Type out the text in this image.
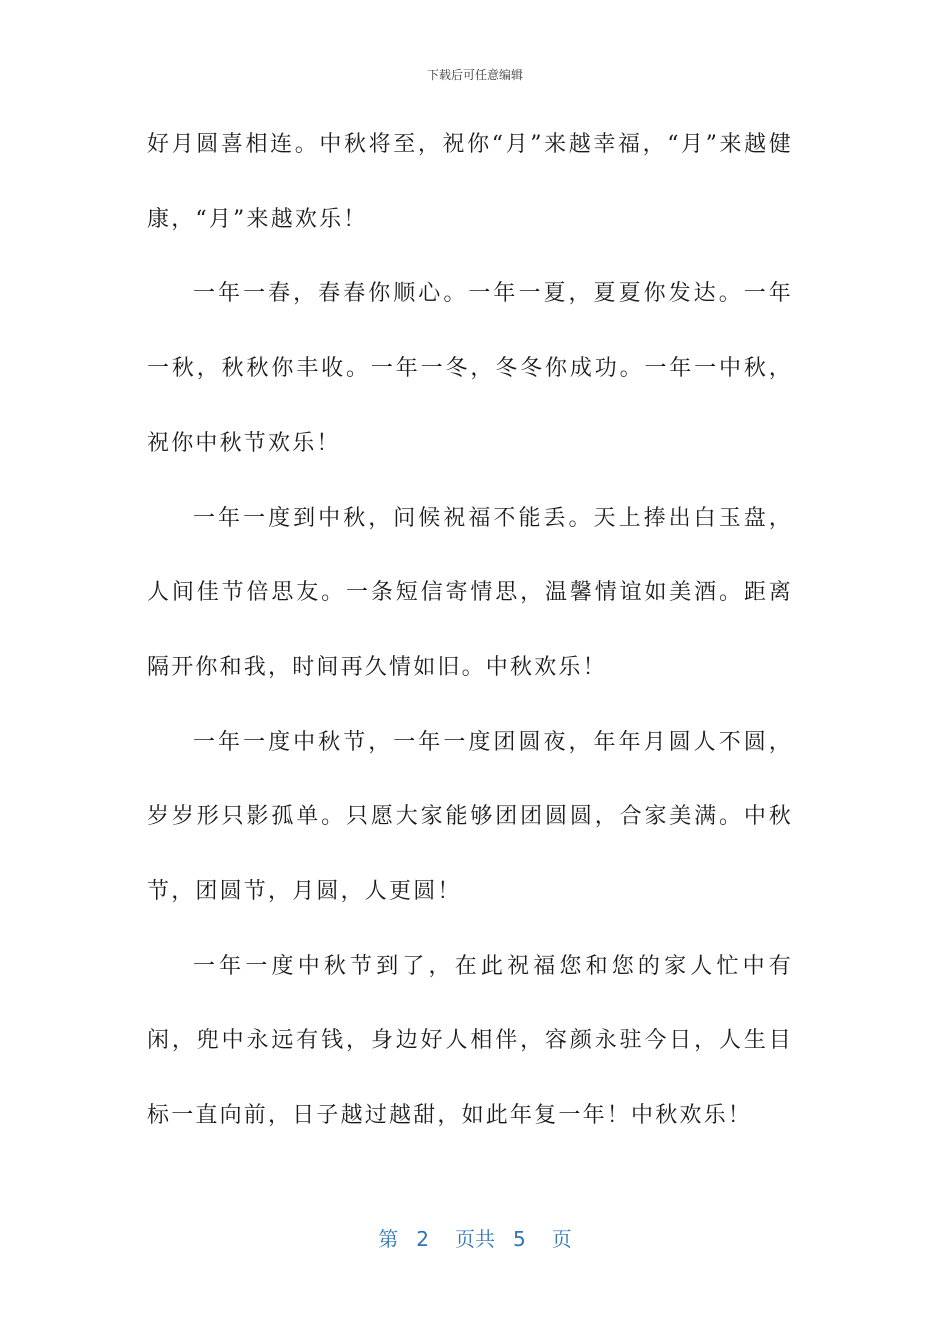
下载后可任意编辑

好月圆喜相连。中秋将至，祝你“月”来越幸福，“月”来越健康，“月”来越欢乐！

一年一春，春春你顺心。一年一夏，夏夏你发达。一年一秋，秋秋你丰收。一年一冬，冬冬你成功。一年一中秋，祝你中秋节欢乐！

一年一度到中秋，问候祝福不能丢。天上捧出白玉盘，人间佳节倍思友。一条短信寄情思，温馨情谊如美酒。距离隔开你和我，时间再久情如旧。中秋欢乐！

一年一度中秋节，一年一度团圆夜，年年月圆人不圆，岁岁形只影孤单。只愿大家能够团团圆圆，合家美满。中秋节，团圆节，月圆，人更圆！

一年一度中秋节到了，在此祝福您和您的家人忙中有闲，兜中永远有钱，身边好人相伴，容颜永驻今日，人生目标一直向前，日子越过越甜，如此年复一年！中秋欢乐！

第 2 页共 5 页
